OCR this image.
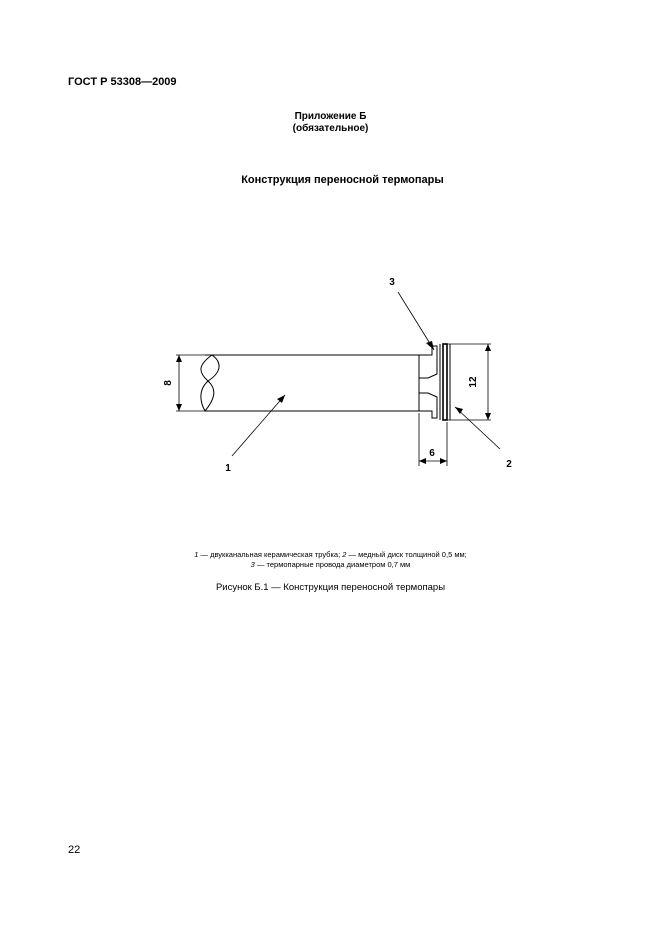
ГОСТ Р 53308—2009
Приложение Б
(обязательное)
Конструкция переносной термопары
8	12
6
1	2
3
1 — двукканальная керамическая трубка; 2 — медный диск толщиной 0,5 мм;
3 — термопарные провода диаметром 0,7 мм
Рисунок Б.1 — Конструкция переносной термопары
22
